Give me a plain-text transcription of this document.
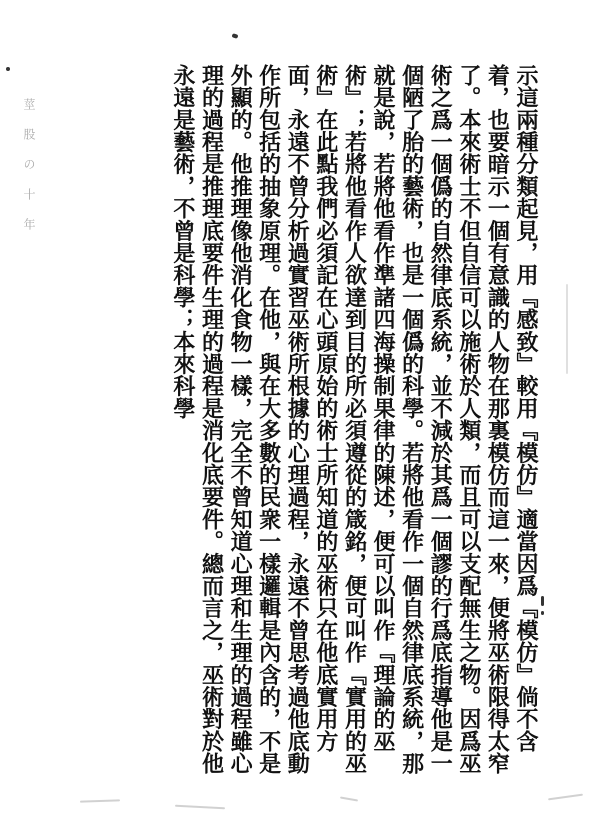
莖 股 の 十 年	示這兩種分類起見，用『感致』較用『模仿』適當因爲『模仿』倘不含着，也要暗示一個有意識的人物在那裏模仿而這一來，便將巫術限得太窄了。本來術士不但自信可以施術於人類，而且可以支配無生之物。因爲巫術之爲一個僞的自然律底系統，並不減於其爲一個謬的行爲底指導他是一個陋了胎的藝術，也是一個僞的科學。若將他看作一個自然律底系統，那就是說，若將他看作準諸四海操制果律的陳述，便可以叫作『理論的巫術』；若將他看作人欲達到目的所必須遵從的箴銘，便可叫作『實用的巫術』在此點我們必須記在心頭原始的術士所知道的巫術只在他底實用方面，永遠不曾分析過實習巫術所根據的心理過程，永遠不曾思考過他底動作所包括的抽象原理。在他，與在大多數的民衆一樣邏輯是內含的，不是外顯的。他推理像他消化食物一樣，完全不曾知道心理和生理的過程雖心理的過程是推理底要件生理的過程是消化底要件。總而言之，巫術對於他永遠是藝術，不曾是科學；本來科學
